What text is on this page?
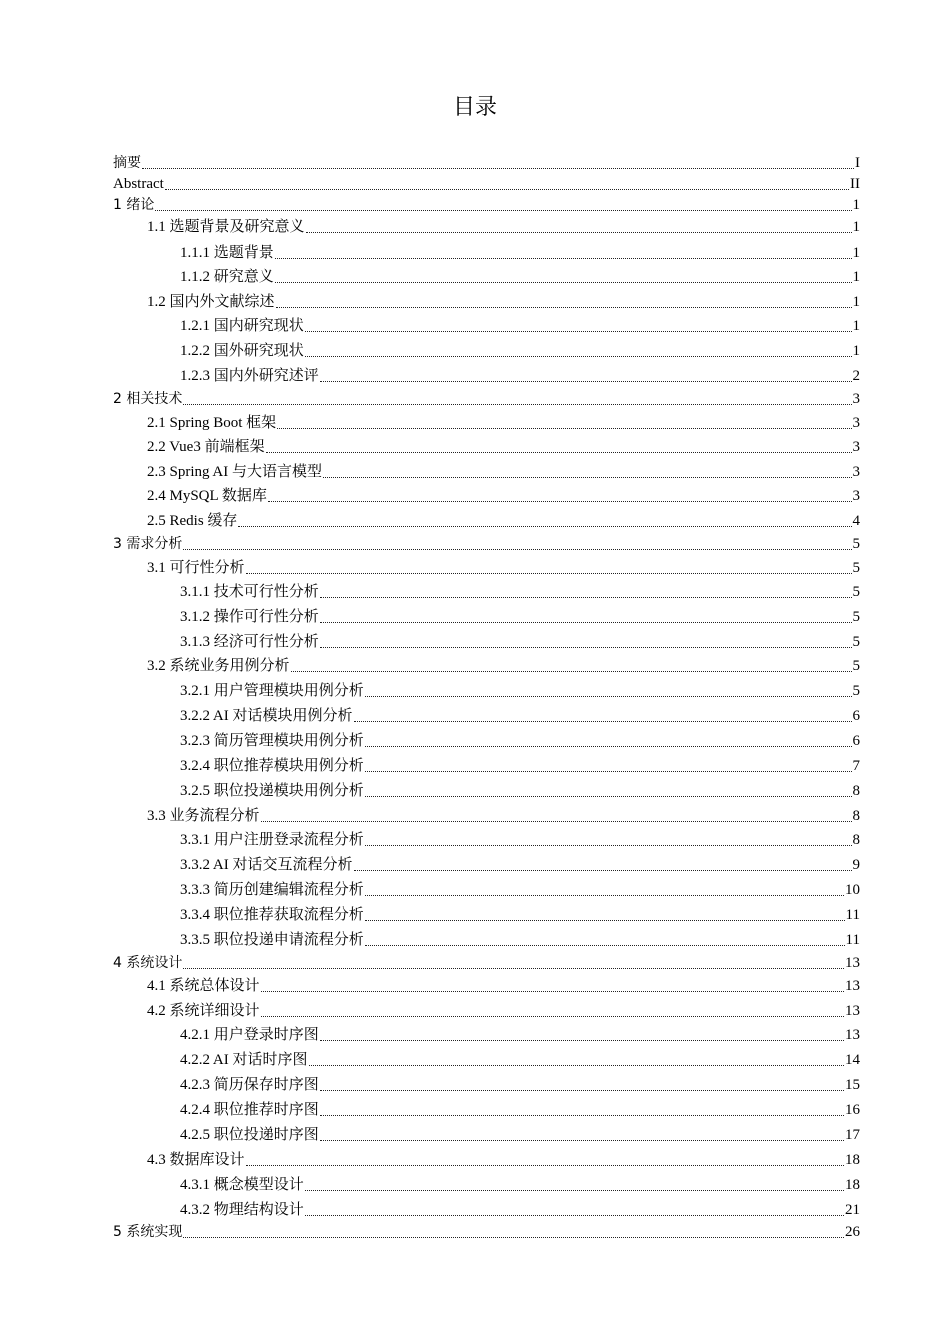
目录
摘要	I
Abstract	II
1 绪论	1
1.1 选题背景及研究意义	1
1.1.1 选题背景	1
1.1.2 研究意义	1
1.2 国内外文献综述	1
1.2.1 国内研究现状	1
1.2.2 国外研究现状	1
1.2.3 国内外研究述评	2
2 相关技术	3
2.1 Spring Boot 框架	3
2.2 Vue3 前端框架	3
2.3 Spring AI 与大语言模型	3
2.4 MySQL 数据库	3
2.5 Redis 缓存	4
3 需求分析	5
3.1 可行性分析	5
3.1.1 技术可行性分析	5
3.1.2 操作可行性分析	5
3.1.3 经济可行性分析	5
3.2 系统业务用例分析	5
3.2.1 用户管理模块用例分析	5
3.2.2 AI 对话模块用例分析	6
3.2.3 简历管理模块用例分析	6
3.2.4 职位推荐模块用例分析	7
3.2.5 职位投递模块用例分析	8
3.3 业务流程分析	8
3.3.1 用户注册登录流程分析	8
3.3.2 AI 对话交互流程分析	9
3.3.3 简历创建编辑流程分析	10
3.3.4 职位推荐获取流程分析	11
3.3.5 职位投递申请流程分析	11
4 系统设计	13
4.1 系统总体设计	13
4.2 系统详细设计	13
4.2.1 用户登录时序图	13
4.2.2 AI 对话时序图	14
4.2.3 简历保存时序图	15
4.2.4 职位推荐时序图	16
4.2.5 职位投递时序图	17
4.3 数据库设计	18
4.3.1 概念模型设计	18
4.3.2 物理结构设计	21
5 系统实现	26
